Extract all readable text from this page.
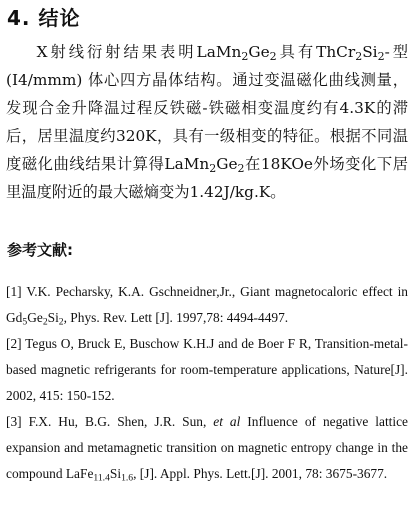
4. 结论

X射线衍射结果表明$LaMn_2Ge_2$具有$ThCr_2Si_2-$型(I4/mmm) 体心四方晶体结构。通过变温磁化曲线测量，发现合金升降温过程反铁磁-铁磁相变温度约有4.3K的滞后，居里温度约320K，具有一级相变的特征。根据不同温度磁化曲线结果计算得$LaMn_2Ge_2$在18KOe外场变化下居里温度附近的最大磁熵变为1.42J/kg.K。

参考文献:
[1] V.K. Pecharsky, K.A. Gschneidner,Jr., Giant magnetocaloric effect in $Gd_5Ge_2Si_2$, Phys. Rev. Lett [J]. 1997,78: 4494-4497.
[2] Tegus O, Bruck E, Buschow K.H.J and de Boer F R, Transition-metal-based magnetic refrigerants for room-temperature applications, Nature[J]. 2002, 415: 150-152.
[3] F.X. Hu, B.G. Shen, J.R. Sun, et al Influence of negative lattice expansion and metamagnetic transition on magnetic entropy change in the compound $LaFe_{11.4}Si_{1.6}$, [J]. Appl. Phys. Lett.[J]. 2001, 78: 3675-3677.
